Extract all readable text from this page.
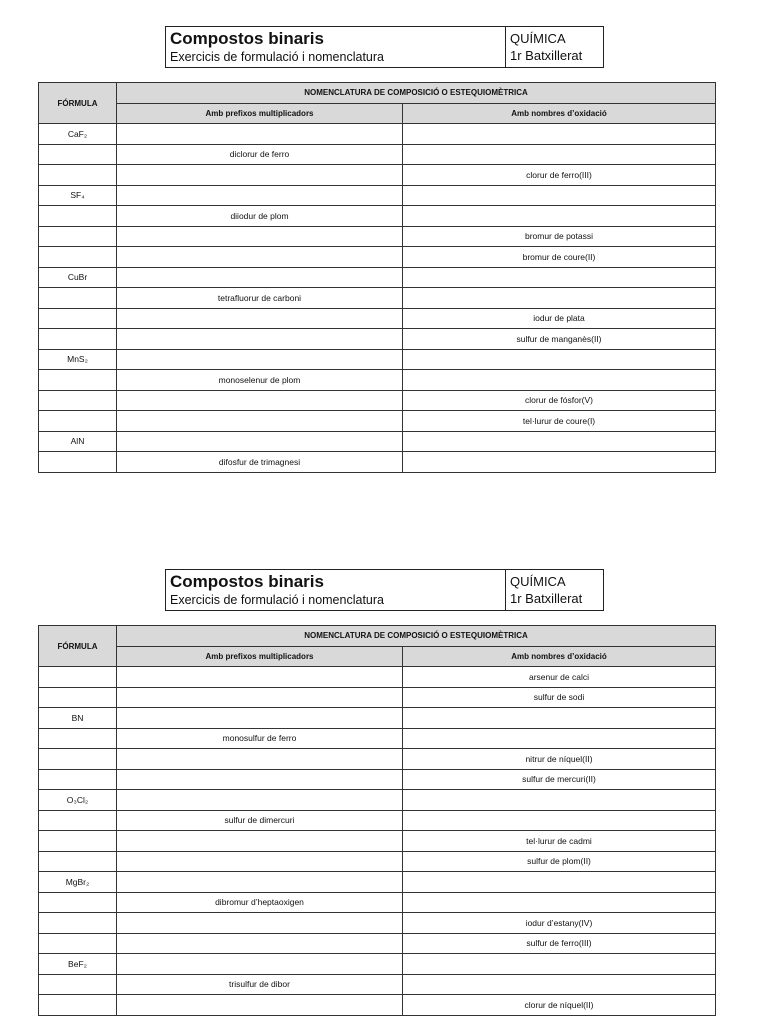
Compostos binaris
Exercicis de formulació i nomenclatura
QUÍMICA
1r Batxillerat
FÓRMULA	NOMENCLATURA DE COMPOSICIÓ O ESTEQUIOMÈTRICA	
	Amb prefixos multiplicadors	Amb nombres d’oxidació
CaF₂		
	diclorur de ferro	
		clorur de ferro(III)
SF₄		
	diiodur de plom	
		bromur de potassi
		bromur de coure(II)
CuBr		
	tetrafluorur de carboni	
		iodur de plata
		sulfur de manganès(II)
MnS₂		
	monoselenur de plom	
		clorur de fósfor(V)
		tel·lurur de coure(I)
AlN		
	difosfur de trimagnesi	
Compostos binaris
Exercicis de formulació i nomenclatura
QUÍMICA
1r Batxillerat
FÓRMULA	NOMENCLATURA DE COMPOSICIÓ O ESTEQUIOMÈTRICA	
	Amb prefixos multiplicadors	Amb nombres d’oxidació
		arsenur de calci
		sulfur de sodi
BN		
	monosulfur de ferro	
		nitrur de níquel(II)
		sulfur de mercuri(II)
O₃Cl₂		
	sulfur de dimercuri	
		tel·lurur de cadmi
		sulfur de plom(II)
MgBr₂		
	dibromur d’heptaoxigen	
		iodur d’estany(IV)
		sulfur de ferro(III)
BeF₂		
	trisulfur de dibor	
		clorur de níquel(II)
